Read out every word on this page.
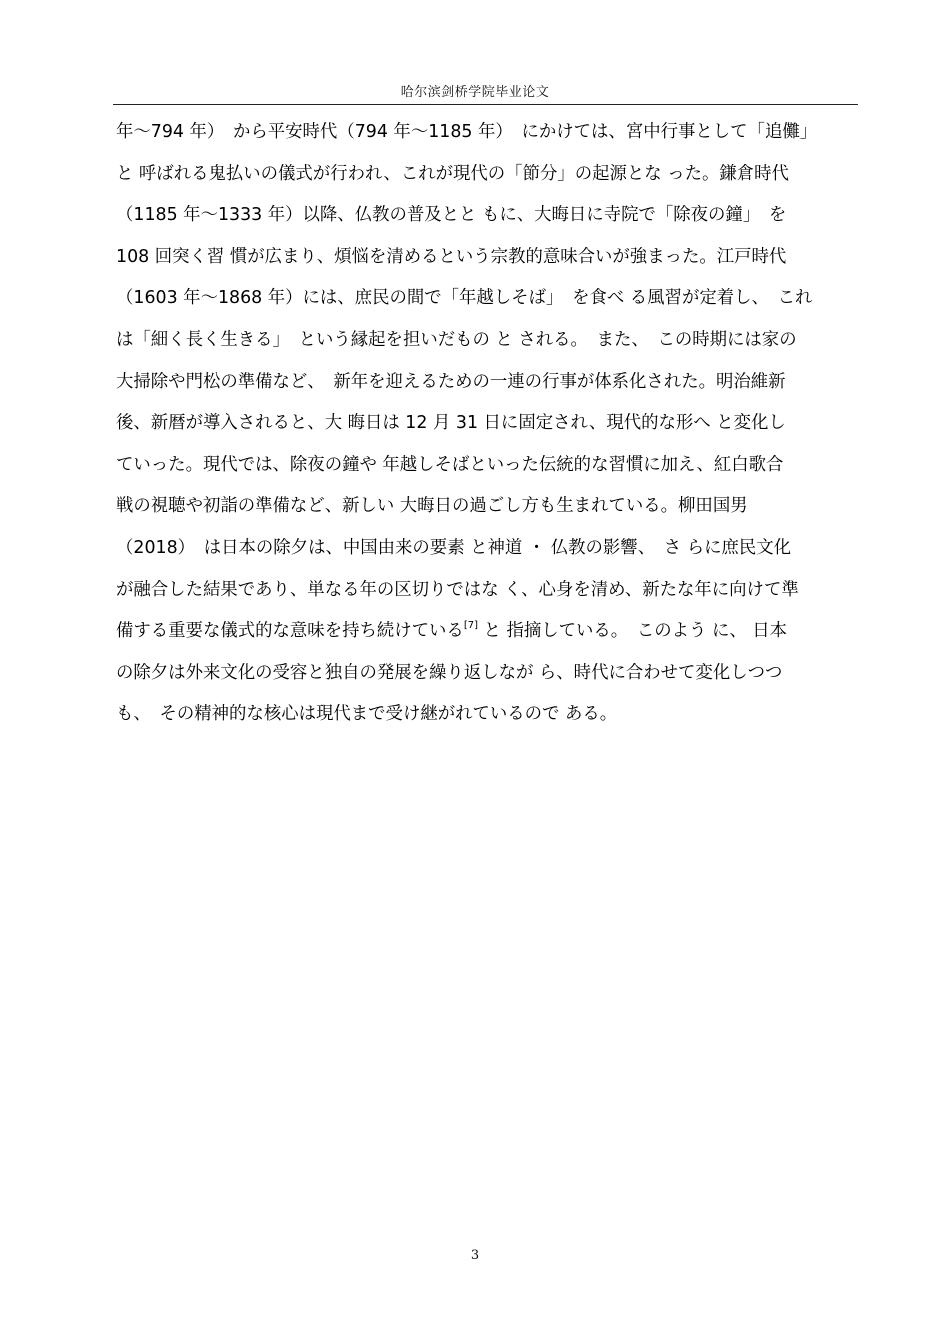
哈尔滨剑桥学院毕业论文
年～794 年）　から平安時代（794 年～1185 年）　にかけては、宮中行事として「追儺」
と 呼ばれる鬼払いの儀式が行われ、これが現代の「節分」の起源とな った。鎌倉時代
（1185 年～1333 年）以降、仏教の普及とと もに、大晦日に寺院で「除夜の鐘」　を
108 回突く習 慣が広まり、煩悩を清めるという宗教的意味合いが強まった。江戸時代
（1603 年～1868 年）には、庶民の間で「年越しそば」　を食べ る風習が定着し、　これ
は「細く長く生きる」　という縁起を担いだもの と される。　また、　この時期には家の
大掃除や門松の準備など、　新年を迎えるための一連の行事が体系化された。明治維新
後、新暦が導入されると、大 晦日は 12 月 31 日に固定され、現代的な形へ と変化し
ていった。現代では、除夜の鐘や 年越しそばといった伝統的な習慣に加え、紅白歌合
戦の視聴や初詣の準備など、新しい 大晦日の過ごし方も生まれている。柳田国男
（2018）　は日本の除夕は、中国由来の要素 と神道 ・ 仏教の影響、　さ らに庶民文化
が融合した結果であり、単なる年の区切りではな く、心身を清め、新たな年に向けて準
備する重要な儀式的な意味を持ち続けている[7] と 指摘している。　このよう に、 日本
の除夕は外来文化の受容と独自の発展を繰り返しなが ら、時代に合わせて変化しつつ
も、　その精神的な核心は現代まで受け継がれているので ある。
3
